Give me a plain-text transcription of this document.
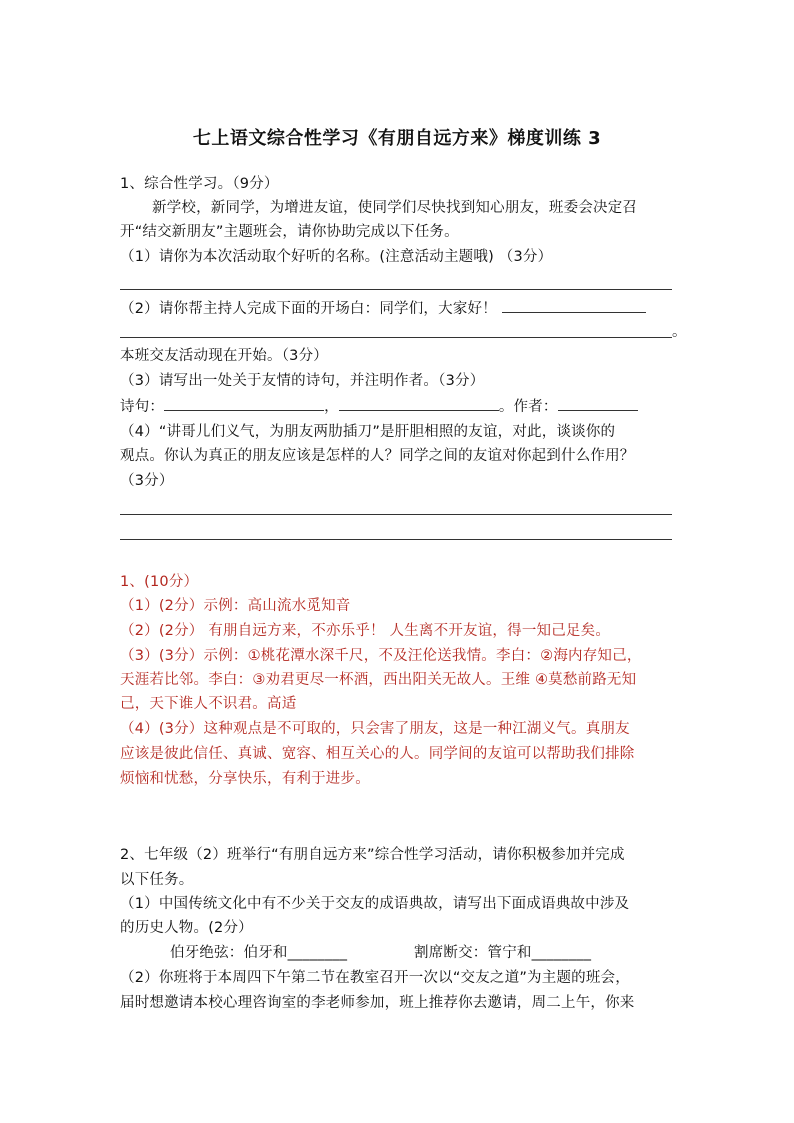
七上语文综合性学习《有朋自远方来》梯度训练 3
1、综合性学习。（9分）
新学校，新同学，为增进友谊，使同学们尽快找到知心朋友，班委会决定召
开“结交新朋友”主题班会，请你协助完成以下任务。
（1）请你为本次活动取个好听的名称。(注意活动主题哦) （3分）
（2）请你帮主持人完成下面的开场白：同学们，大家好！
。
本班交友活动现在开始。（3分）
（3）请写出一处关于友情的诗句，并注明作者。（3分）
诗句：	，	。作者：
（4）“讲哥儿们义气，为朋友两肋插刀”是肝胆相照的友谊，对此，谈谈你的
观点。你认为真正的朋友应该是怎样的人？同学之间的友谊对你起到什么作用？
（3分）
1、(10分）
（1）(2分）示例：高山流水觅知音
（2）(2分） 有朋自远方来，不亦乐乎！ 人生离不开友谊，得一知己足矣。
（3）(3分）示例：①桃花潭水深千尺，不及汪伦送我情。李白：②海内存知己，
天涯若比邻。李白：③劝君更尽一杯酒，西出阳关无故人。王维 ④莫愁前路无知
己，天下谁人不识君。高适
（4）(3分）这种观点是不可取的，只会害了朋友，这是一种江湖义气。真朋友
应该是彼此信任、真诚、宽容、相互关心的人。同学间的友谊可以帮助我们排除
烦恼和忧愁，分享快乐，有利于进步。
2、七年级（2）班举行“有朋自远方来”综合性学习活动，请你积极参加并完成
以下任务。
（1）中国传统文化中有不少关于交友的成语典故，请写出下面成语典故中涉及
的历史人物。(2分）
伯牙绝弦：伯牙和________	割席断交：管宁和________
（2）你班将于本周四下午第二节在教室召开一次以“交友之道”为主题的班会，
届时想邀请本校心理咨询室的李老师参加，班上推荐你去邀请，周二上午，你来
